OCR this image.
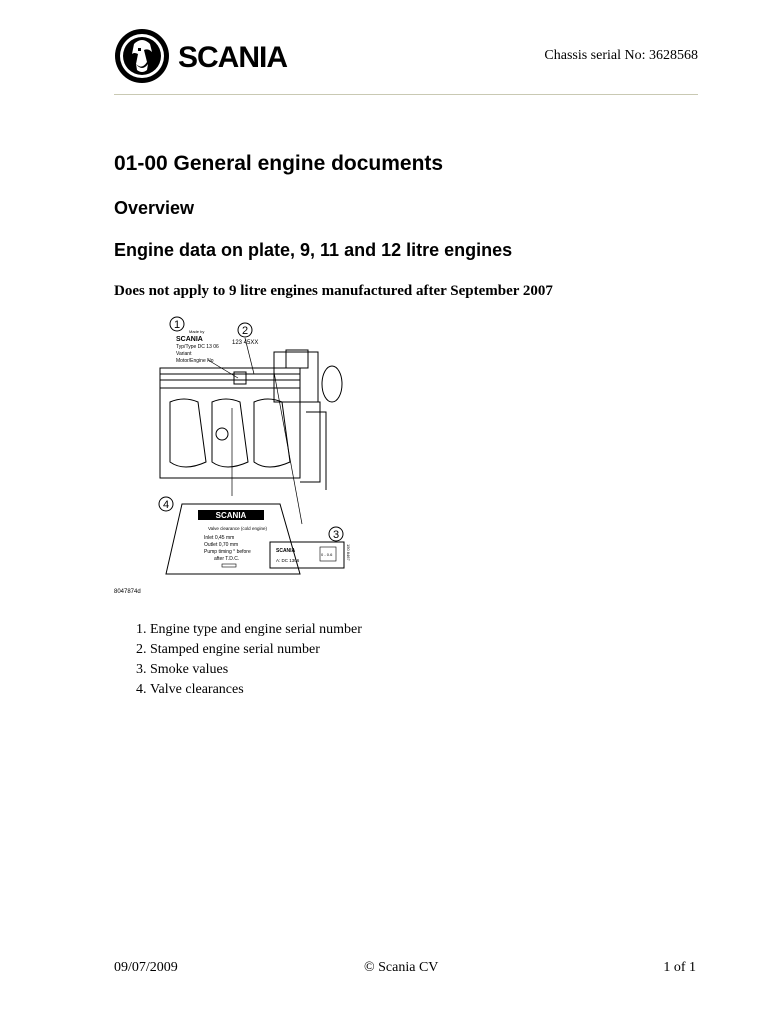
SCANIA	Chassis serial No: 3628568
01-00 General engine documents
Overview
Engine data on plate, 9, 11 and 12 litre engines

Does not apply to 9 litre engines manufactured after September 2007

1
Made by
SCANIA
Typ/Type DC 13 06
Variant
Motor/Engine No
2
123 45XX
4
SCANIA
Valve clearance (cold engine)
Inlet 0,45 mm
Outlet 0,70 mm
Pump timing ° before
after T.D.C.
3
SCANIA
A: DC 1306
0 - 0.6	150 8467
8047874d
1. Engine type and engine serial number
2. Stamped engine serial number
3. Smoke values
4. Valve clearances
09/07/2009	© Scania CV	1 of 1
